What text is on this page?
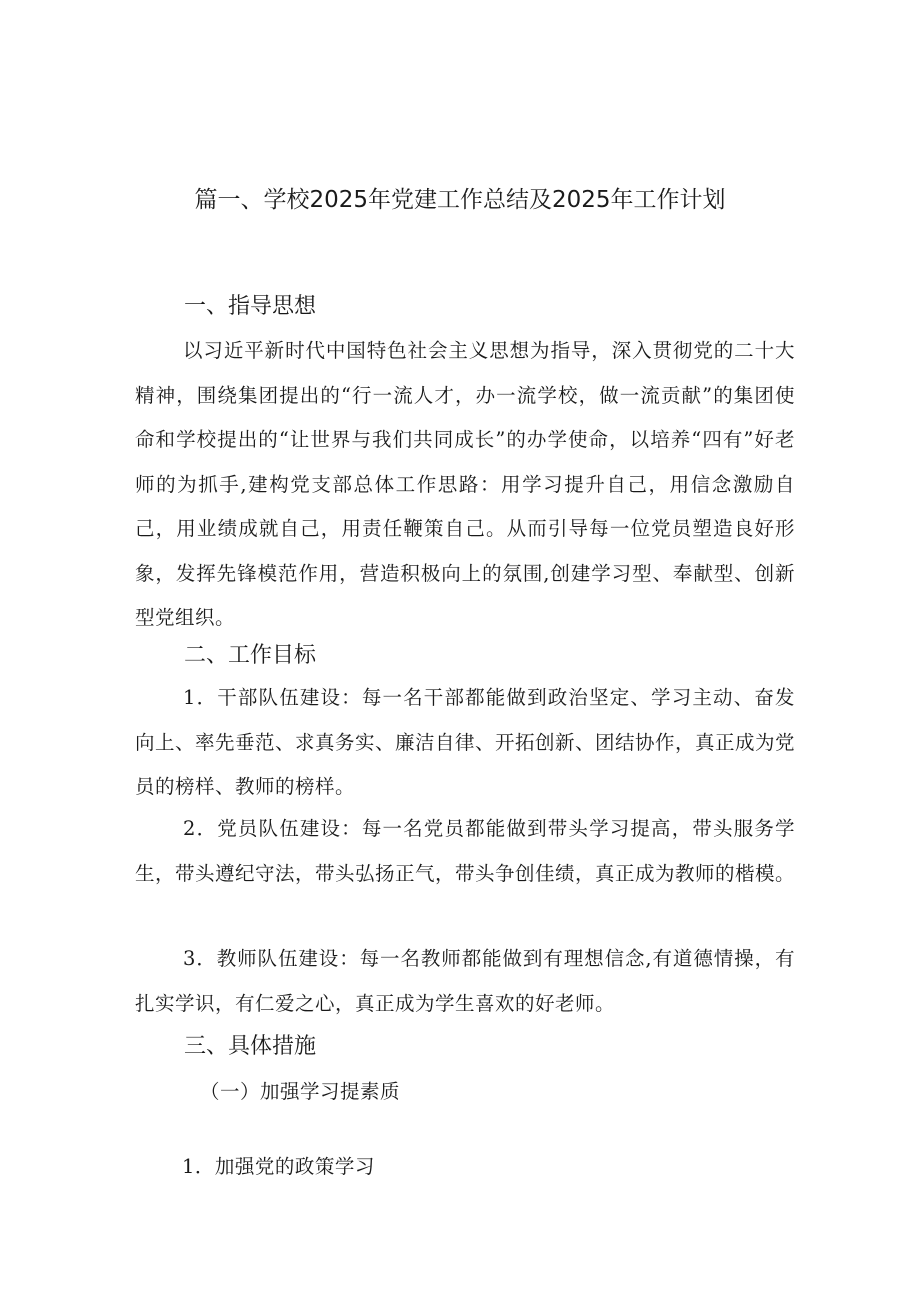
篇一、学校2025年党建工作总结及2025年工作计划
一、指导思想
以习近平新时代中国特色社会主义思想为指导，深入贯彻党的二十大精神，围绕集团提出的“行一流人才，办一流学校，做一流贡献”的集团使命和学校提出的“让世界与我们共同成长”的办学使命，以培养“四有”好老师的为抓手,建构党支部总体工作思路：用学习提升自己，用信念激励自己，用业绩成就自己，用责任鞭策自己。从而引导每一位党员塑造良好形象，发挥先锋模范作用，营造积极向上的氛围,创建学习型、奉献型、创新型党组织。
二、工作目标
1．干部队伍建设：每一名干部都能做到政治坚定、学习主动、奋发向上、率先垂范、求真务实、廉洁自律、开拓创新、团结协作，真正成为党员的榜样、教师的榜样。
2．党员队伍建设：每一名党员都能做到带头学习提高，带头服务学生，带头遵纪守法，带头弘扬正气，带头争创佳绩，真正成为教师的楷模。
3．教师队伍建设：每一名教师都能做到有理想信念,有道德情操，有扎实学识，有仁爱之心，真正成为学生喜欢的好老师。
三、具体措施
（一）加强学习提素质
1．加强党的政策学习
